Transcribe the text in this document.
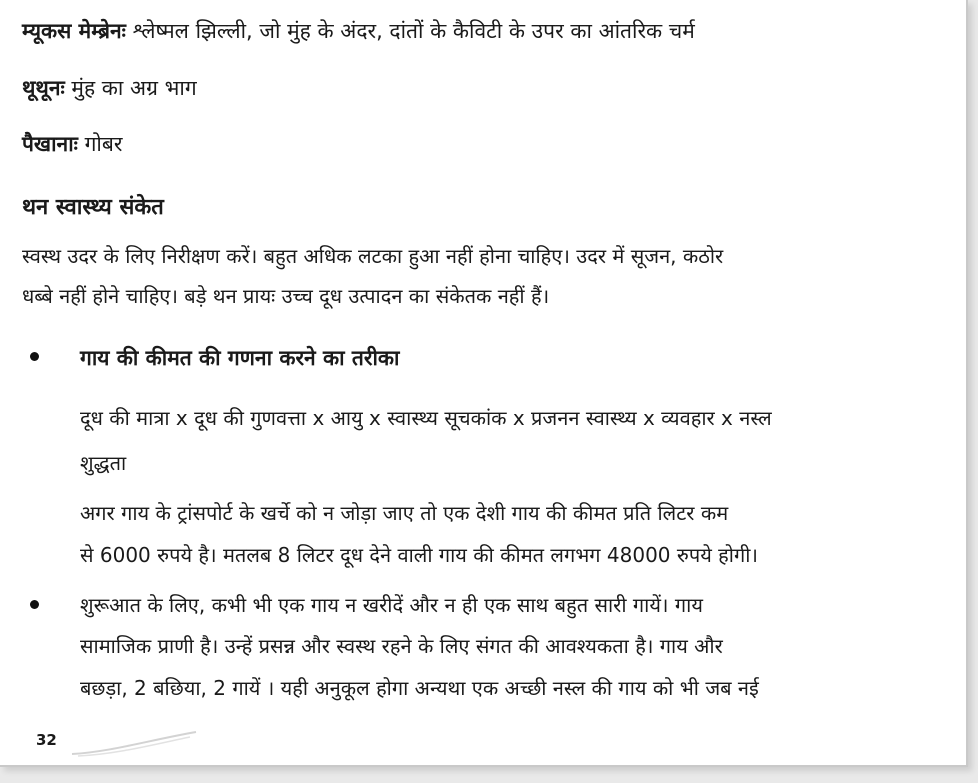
म्यूकस मेम्ब्रेनः श्लेष्मल झिल्ली, जो मुंह के अंदर, दांतों के कैविटी के उपर का आंतरिक चर्म
थूथूनः मुंह का अग्र भाग
पैखानाः गोबर
थन स्वास्थ्य संकेत
स्वस्थ उदर के लिए निरीक्षण करें। बहुत अधिक लटका हुआ नहीं होना चाहिए। उदर में सूजन, कठोर
धब्बे नहीं होने चाहिए। बड़े थन प्रायः उच्च दूध उत्पादन का संकेतक नहीं हैं।
गाय की कीमत की गणना करने का तरीका
दूध की मात्रा x दूध की गुणवत्ता x आयु x स्वास्थ्य सूचकांक x प्रजनन स्वास्थ्य x व्यवहार x नस्ल
शुद्धता
अगर गाय के ट्रांसपोर्ट के खर्चे को न जोड़ा जाए तो एक देशी गाय की कीमत प्रति लिटर कम
से 6000 रुपये है। मतलब 8 लिटर दूध देने वाली गाय की कीमत लगभग 48000 रुपये होगी।
शुरूआत के लिए, कभी भी एक गाय न खरीदें और न ही एक साथ बहुत सारी गायें। गाय
सामाजिक प्राणी है। उन्हें प्रसन्न और स्वस्थ रहने के लिए संगत की आवश्यकता है। गाय और
बछड़ा, 2 बछिया, 2 गायें । यही अनुकूल होगा अन्यथा एक अच्छी नस्ल की गाय को भी जब नई
32
